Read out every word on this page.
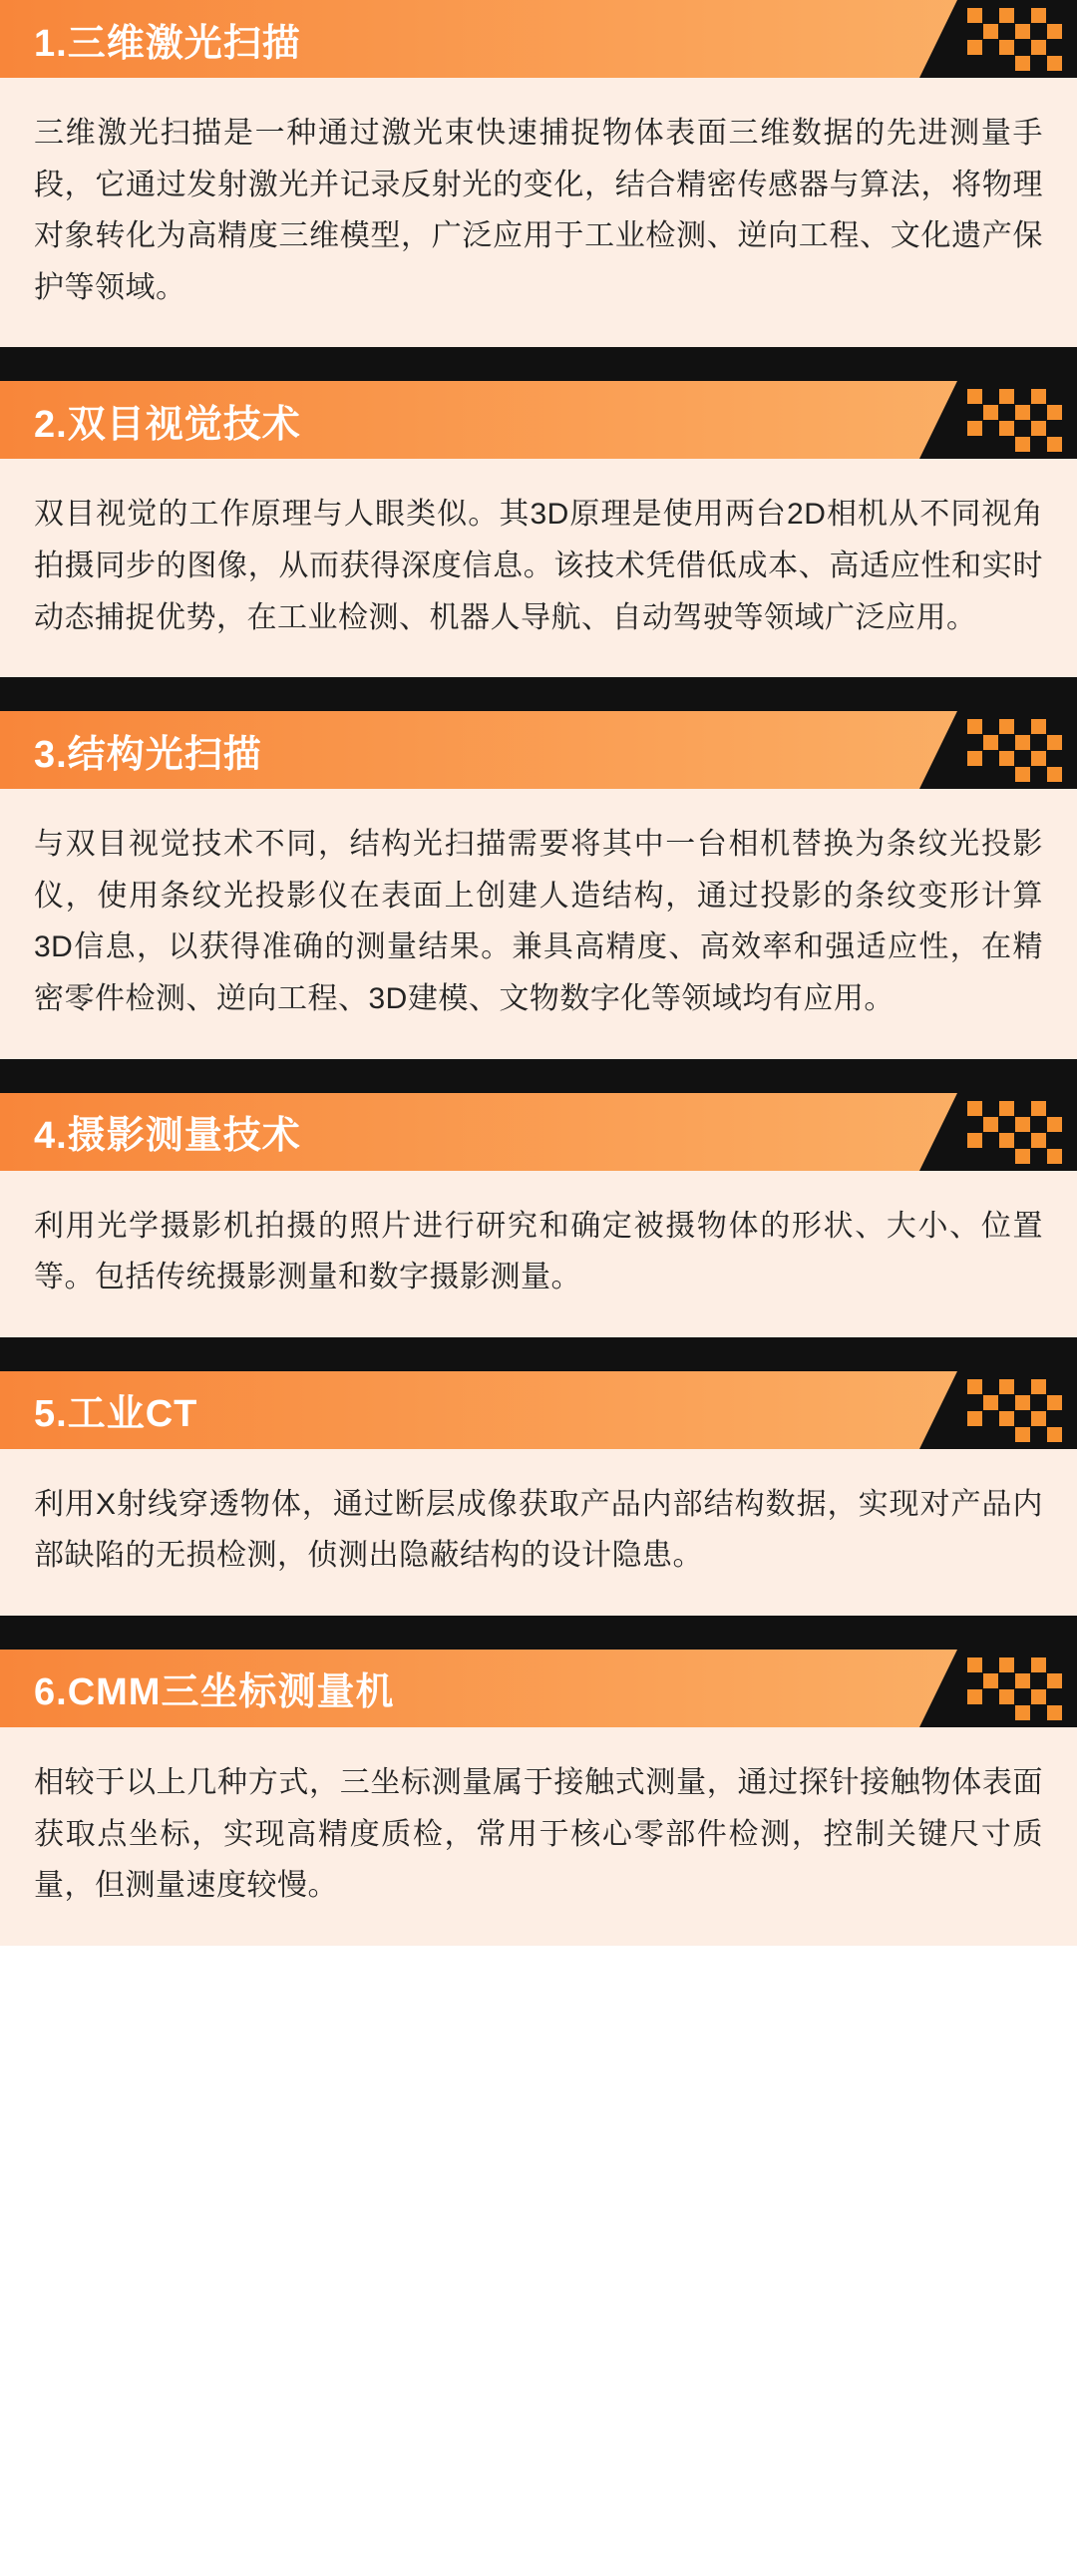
1.三维激光扫描
三维激光扫描是一种通过激光束快速捕捉物体表面三维数据的先进测量手段，它通过发射激光并记录反射光的变化，结合精密传感器与算法，将物理对象转化为高精度三维模型，广泛应用于工业检测、逆向工程、文化遗产保护等领域。
2.双目视觉技术
双目视觉的工作原理与人眼类似。其3D原理是使用两台2D相机从不同视角拍摄同步的图像，从而获得深度信息。该技术凭借低成本、高适应性和实时动态捕捉优势，在工业检测、机器人导航、自动驾驶等领域广泛应用。
3.结构光扫描
与双目视觉技术不同，结构光扫描需要将其中一台相机替换为条纹光投影仪，使用条纹光投影仪在表面上创建人造结构，通过投影的条纹变形计算3D信息，以获得准确的测量结果。兼具高精度、高效率和强适应性，在精密零件检测、逆向工程、3D建模、文物数字化等领域均有应用。
4.摄影测量技术
利用光学摄影机拍摄的照片进行研究和确定被摄物体的形状、大小、位置等。包括传统摄影测量和数字摄影测量。
5.工业CT
利用X射线穿透物体，通过断层成像获取产品内部结构数据，实现对产品内部缺陷的无损检测，侦测出隐蔽结构的设计隐患。
6.CMM三坐标测量机
相较于以上几种方式，三坐标测量属于接触式测量，通过探针接触物体表面获取点坐标，实现高精度质检，常用于核心零部件检测，控制关键尺寸质量，但测量速度较慢。
